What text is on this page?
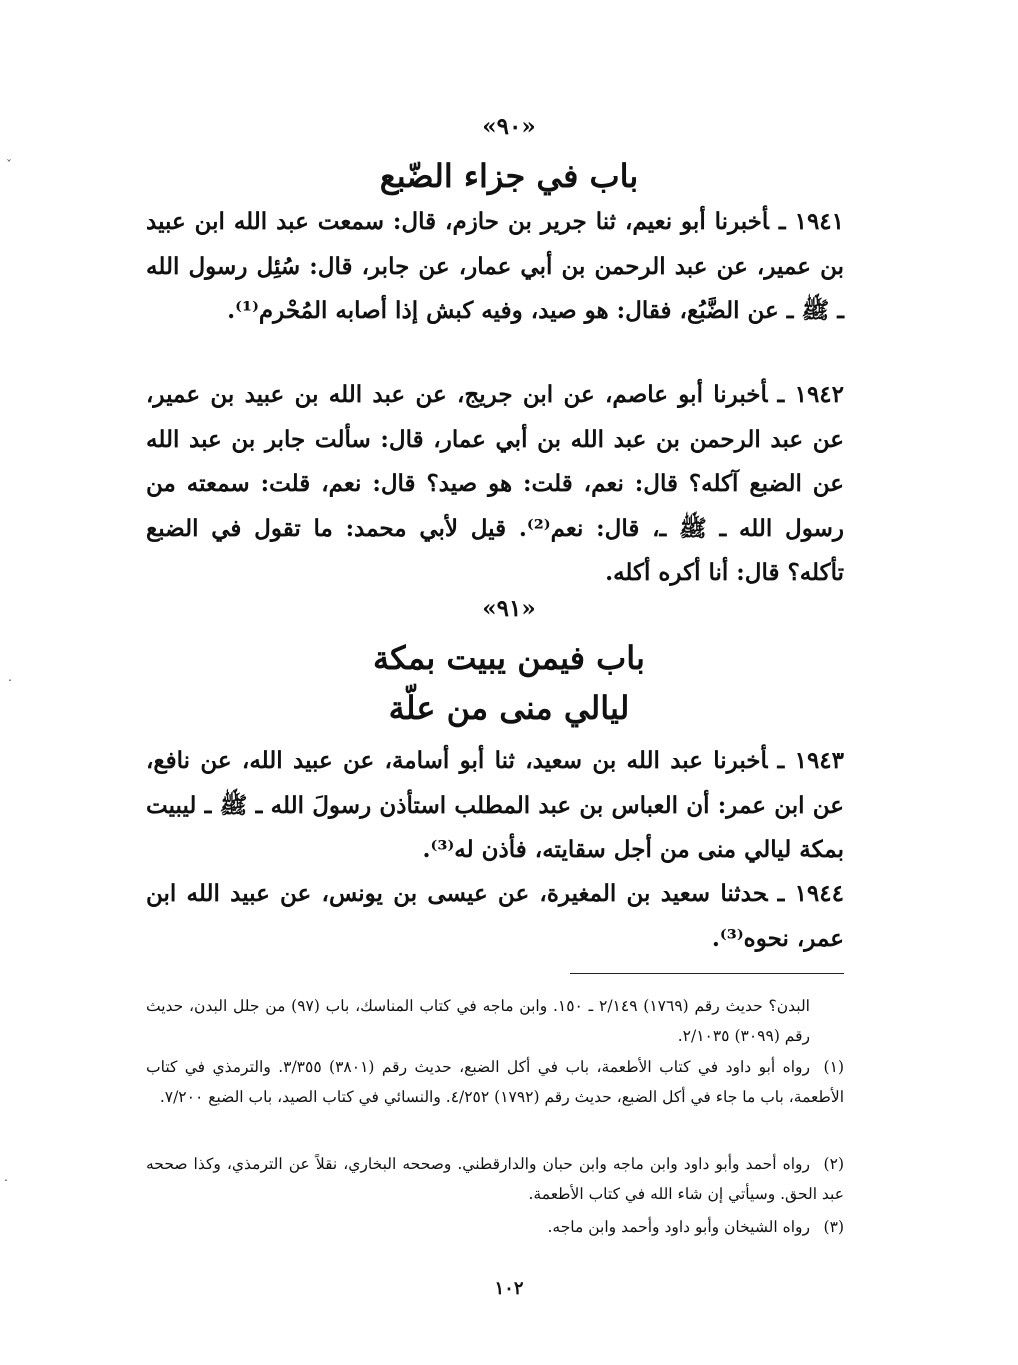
ˇ
˰
˰
«٩٠»
باب في جزاء الضّبع
١٩٤١ ـأخبرنا أبو نعيم، ثنا جرير بن حازم، قال: سمعت عبد الله ابن عبيد بن عمير، عن عبد الرحمن بن أبي عمار، عن جابر، قال: سُئِل رسول الله ـ ﷺ ـ عن الضَّبُع، فقال: هو صيد، وفيه كبش إذا أصابه المُحْرم⁽¹⁾.
١٩٤٢ ـأخبرنا أبو عاصم، عن ابن جريج، عن عبد الله بن عبيد بن عمير، عن عبد الرحمن بن عبد الله بن أبي عمار، قال: سألت جابر بن عبد الله عن الضبع آكله؟ قال: نعم، قلت: هو صيد؟ قال: نعم، قلت: سمعته من رسول الله ـ ﷺ ـ، قال: نعم⁽²⁾. قيل لأبي محمد: ما تقول في الضبع تأكله؟ قال: أنا أكره أكله.
«٩١»
باب فيمن يبيت بمكة
ليالي منى من علّة
١٩٤٣ ـأخبرنا عبد الله بن سعيد، ثنا أبو أسامة، عن عبيد الله، عن نافع، عن ابن عمر: أن العباس بن عبد المطلب استأذن رسولَ الله ـ ﷺ ـ ليبيت بمكة ليالي منى من أجل سقايته، فأذن له⁽³⁾.
١٩٤٤ ـحدثنا سعيد بن المغيرة، عن عيسى بن يونس، عن عبيد الله ابن عمر، نحوه⁽³⁾.
البدن؟ حديث رقم (١٧٦٩) ٢/١٤٩ ـ ١٥٠. وابن ماجه في كتاب المناسك، باب (٩٧) من جلل البدن، حديث رقم (٣٠٩٩) ٢/١٠٣٥.
(١)رواه أبو داود في كتاب الأطعمة، باب في أكل الضبع، حديث رقم (٣٨٠١) ٣/٣٥٥. والترمذي في كتاب الأطعمة، باب ما جاء في أكل الضبع، حديث رقم (١٧٩٢) ٤/٢٥٢. والنسائي في كتاب الصيد، باب الضبع ٧/٢٠٠.
(٢)رواه أحمد وأبو داود وابن ماجه وابن حبان والدارقطني. وصححه البخاري، نقلاً عن الترمذي، وكذا صححه عبد الحق. وسيأتي إن شاء الله في كتاب الأطعمة.
(٣)رواه الشيخان وأبو داود وأحمد وابن ماجه.
١٠٢
